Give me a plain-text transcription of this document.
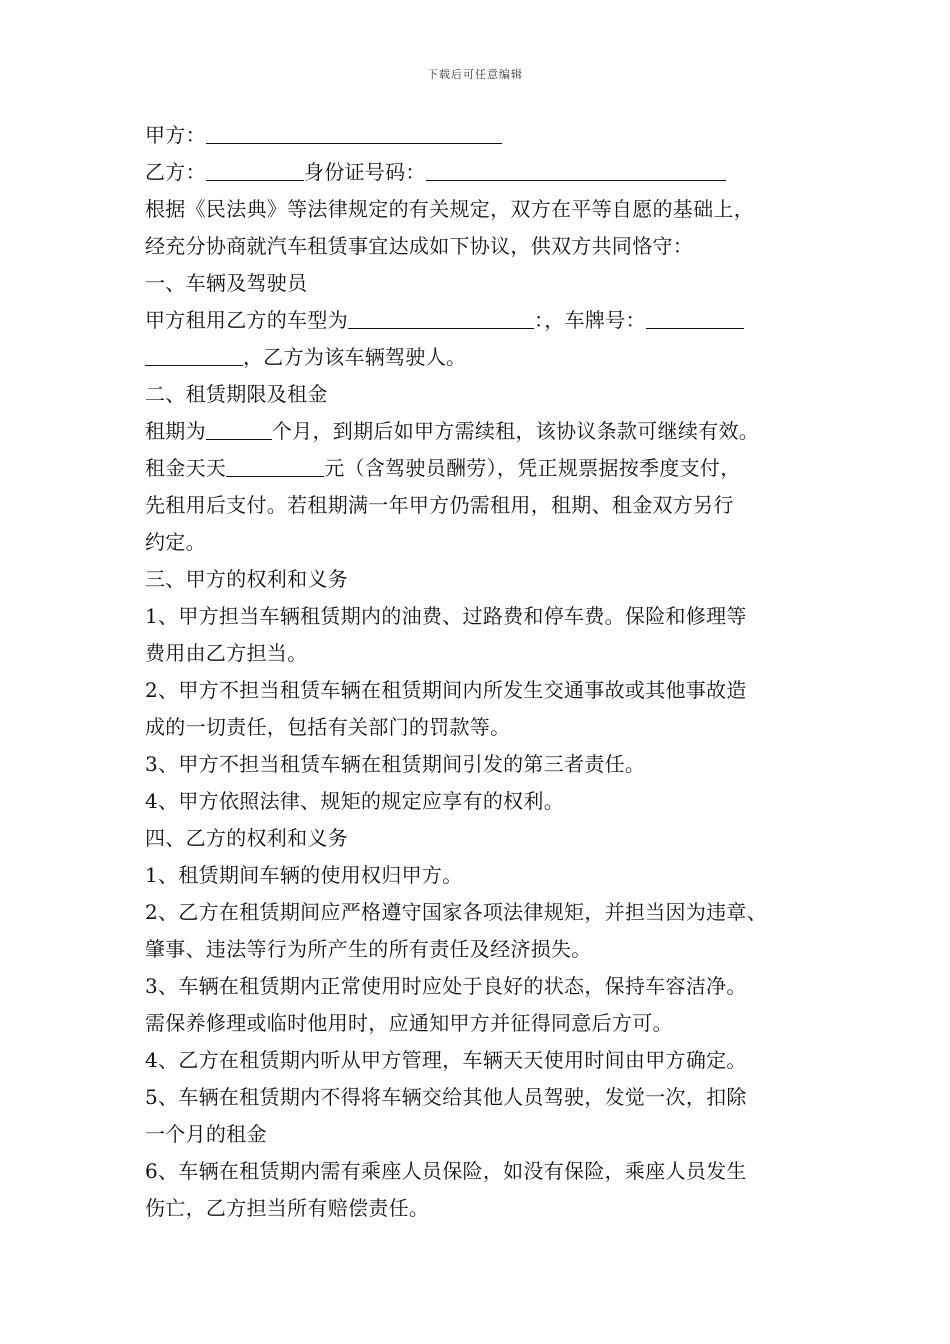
下载后可任意编辑
甲方：
乙方：	身份证号码：
根据《民法典》等法律规定的有关规定，双方在平等自愿的基础上，
经充分协商就汽车租赁事宜达成如下协议，供双方共同恪守：
一、车辆及驾驶员
甲方租用乙方的车型为	：，车牌号：
，乙方为该车辆驾驶人。
二、租赁期限及租金
租期为	个月，到期后如甲方需续租，该协议条款可继续有效。
租金天天	元（含驾驶员酬劳），凭正规票据按季度支付，
先租用后支付。若租期满一年甲方仍需租用，租期、租金双方另行
约定。
三、甲方的权利和义务
1、甲方担当车辆租赁期内的油费、过路费和停车费。保险和修理等
费用由乙方担当。
2、甲方不担当租赁车辆在租赁期间内所发生交通事故或其他事故造
成的一切责任，包括有关部门的罚款等。
3、甲方不担当租赁车辆在租赁期间引发的第三者责任。
4、甲方依照法律、规矩的规定应享有的权利。
四、乙方的权利和义务
1、租赁期间车辆的使用权归甲方。
2、乙方在租赁期间应严格遵守国家各项法律规矩，并担当因为违章、
肇事、违法等行为所产生的所有责任及经济损失。
3、车辆在租赁期内正常使用时应处于良好的状态，保持车容洁净。
需保养修理或临时他用时，应通知甲方并征得同意后方可。
4、乙方在租赁期内听从甲方管理，车辆天天使用时间由甲方确定。
5、车辆在租赁期内不得将车辆交给其他人员驾驶，发觉一次，扣除
一个月的租金
6、车辆在租赁期内需有乘座人员保险，如没有保险，乘座人员发生
伤亡，乙方担当所有赔偿责任。
